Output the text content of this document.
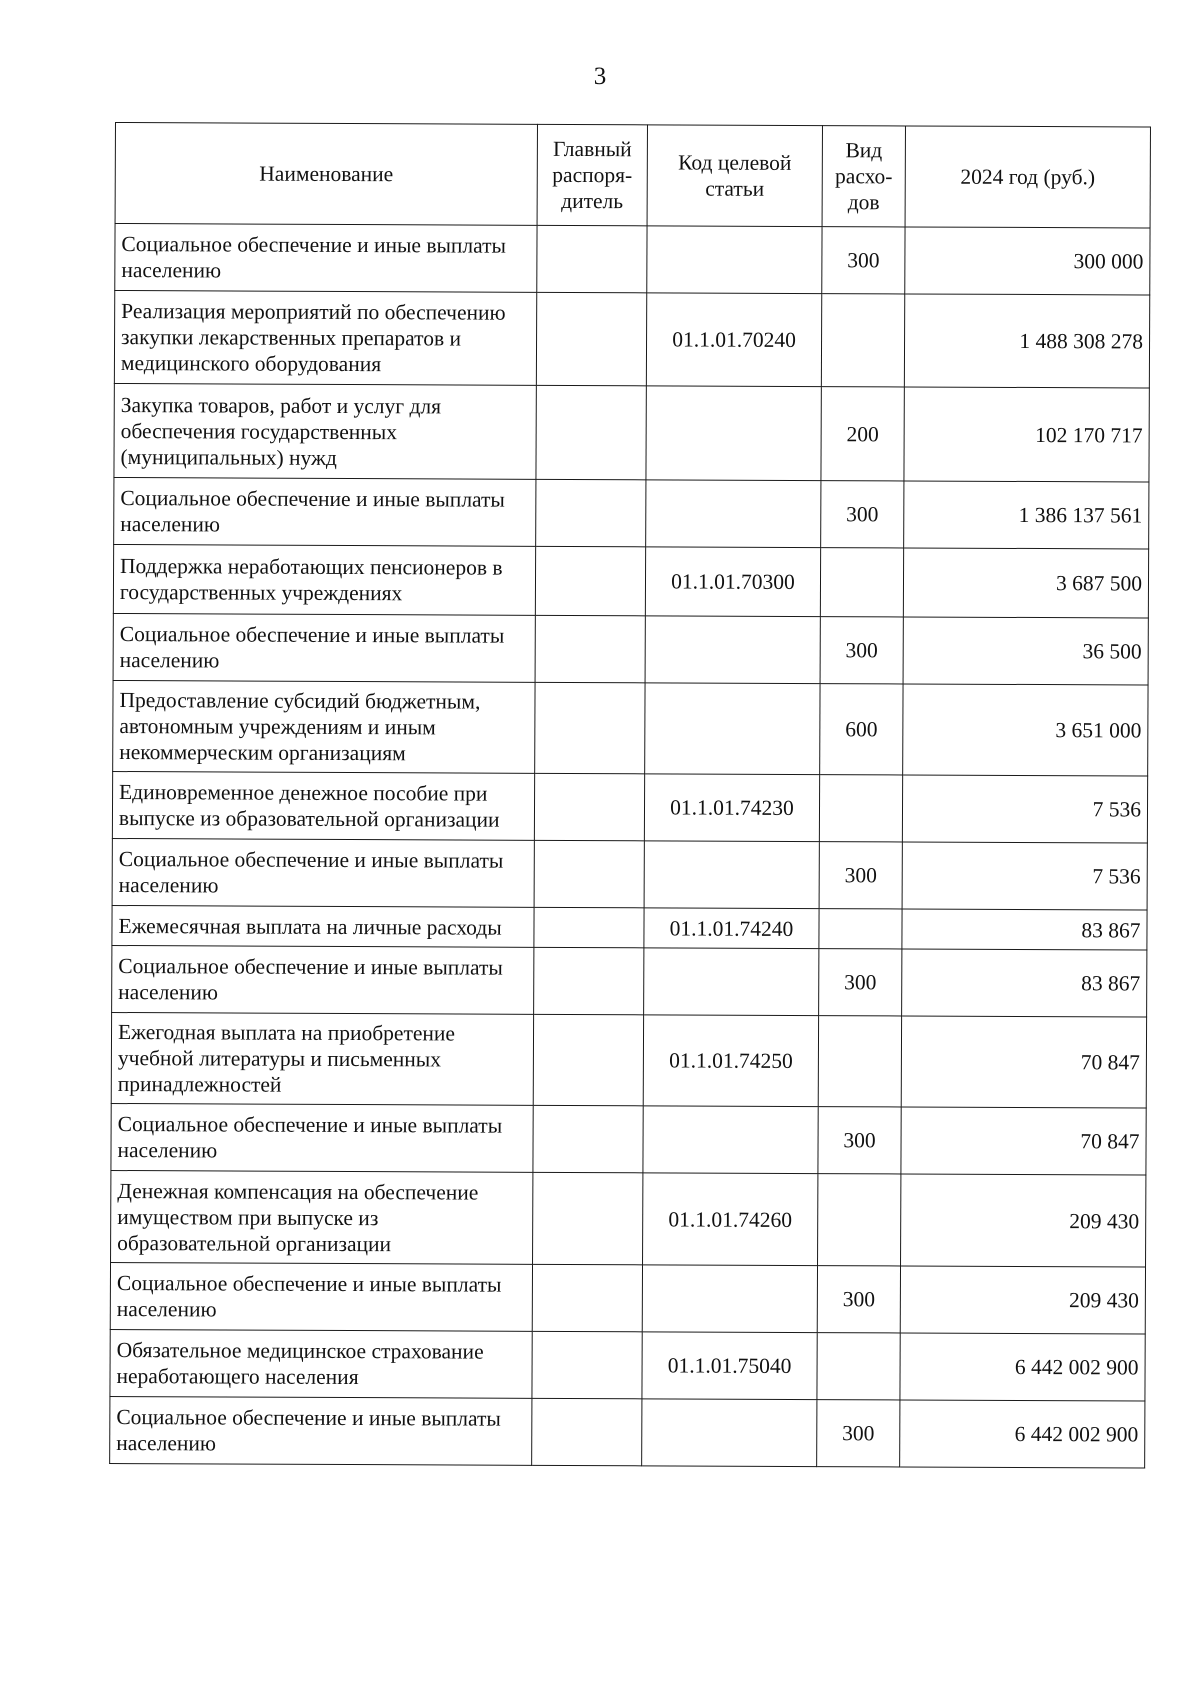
3
Наименование	Главный распоря-дитель	Код целевой статьи	Вид расхо-дов	2024 год (руб.)
Социальное обеспечение и иные выплаты населению			300	300 000
Реализация мероприятий по обеспечению закупки лекарственных препаратов и медицинского оборудования		01.1.01.70240		1 488 308 278
Закупка товаров, работ и услуг для обеспечения государственных (муниципальных) нужд			200	102 170 717
Социальное обеспечение и иные выплаты населению			300	1 386 137 561
Поддержка неработающих пенсионеров в государственных учреждениях		01.1.01.70300		3 687 500
Социальное обеспечение и иные выплаты населению			300	36 500
Предоставление субсидий бюджетным, автономным учреждениям и иным некоммерческим организациям			600	3 651 000
Единовременное денежное пособие при выпуске из образовательной организации		01.1.01.74230		7 536
Социальное обеспечение и иные выплаты населению			300	7 536
Ежемесячная выплата на личные расходы		01.1.01.74240		83 867
Социальное обеспечение и иные выплаты населению			300	83 867
Ежегодная выплата на приобретение учебной литературы и письменных принадлежностей		01.1.01.74250		70 847
Социальное обеспечение и иные выплаты населению			300	70 847
Денежная компенсация на обеспечение имуществом при выпуске из образовательной организации		01.1.01.74260		209 430
Социальное обеспечение и иные выплаты населению			300	209 430
Обязательное медицинское страхование неработающего населения		01.1.01.75040		6 442 002 900
Социальное обеспечение и иные выплаты населению			300	6 442 002 900
